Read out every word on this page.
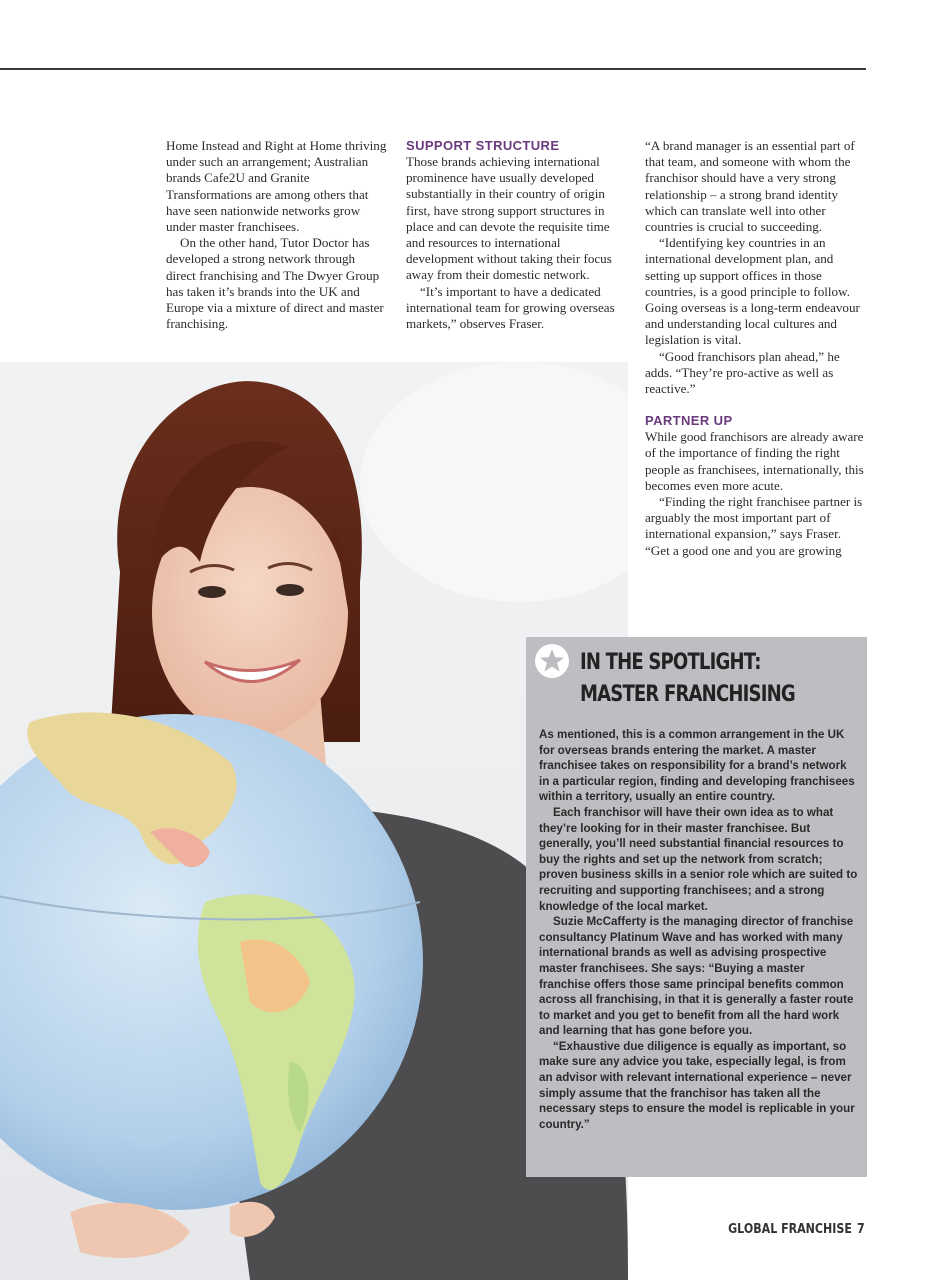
Home Instead and Right at Home thriving under such an arrangement; Australian brands Cafe2U and Granite Transformations are among others that have seen nationwide networks grow under master franchisees.

On the other hand, Tutor Doctor has developed a strong network through direct franchising and The Dwyer Group has taken it’s brands into the UK and Europe via a mixture of direct and master franchising.

SUPPORT STRUCTURE

Those brands achieving international prominence have usually developed substantially in their country of origin first, have strong support structures in place and can devote the requisite time and resources to international development without taking their focus away from their domestic network.

“It’s important to have a dedicated international team for growing overseas markets,” observes Fraser.

“A brand manager is an essential part of that team, and someone with whom the franchisor should have a very strong relationship – a strong brand identity which can translate well into other countries is crucial to succeeding.

“Identifying key countries in an international development plan, and setting up support offices in those countries, is a good principle to follow. Going overseas is a long-term endeavour and understanding local cultures and legislation is vital.

“Good franchisors plan ahead,” he adds. “They’re pro-active as well as reactive.”

PARTNER UP

While good franchisors are already aware of the importance of finding the right people as franchisees, internationally, this becomes even more acute.

“Finding the right franchisee partner is arguably the most important part of international expansion,” says Fraser. “Get a good one and you are growing

IN THE SPOTLIGHT:
MASTER FRANCHISING

As mentioned, this is a common arrangement in the UK for overseas brands entering the market. A master franchisee takes on responsibility for a brand’s network in a particular region, finding and developing franchisees within a territory, usually an entire country.

Each franchisor will have their own idea as to what they’re looking for in their master franchisee. But generally, you’ll need substantial financial resources to buy the rights and set up the network from scratch; proven business skills in a senior role which are suited to recruiting and supporting franchisees; and a strong knowledge of the local market.

Suzie McCafferty is the managing director of franchise consultancy Platinum Wave and has worked with many international brands as well as advising prospective master franchisees. She says: “Buying a master franchise offers those same principal benefits common across all franchising, in that it is generally a faster route to market and you get to benefit from all the hard work and learning that has gone before you.

“Exhaustive due diligence is equally as important, so make sure any advice you take, especially legal, is from an advisor with relevant international experience – never simply assume that the franchisor has taken all the necessary steps to ensure the model is replicable in your country.”

GLOBAL FRANCHISE 7
